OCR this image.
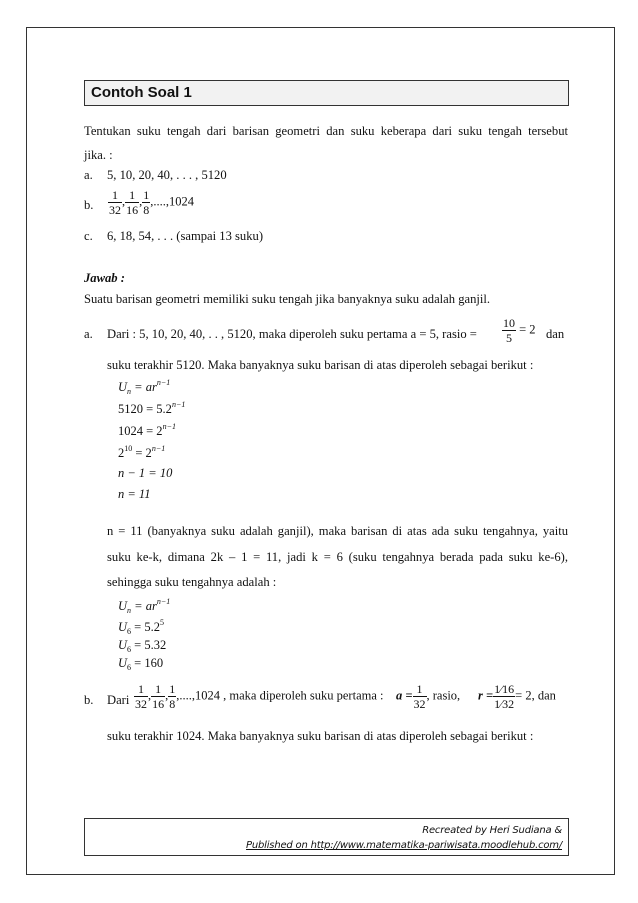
Contoh Soal 1
Tentukan suku tengah dari barisan geometri dan suku keberapa dari suku tengah tersebut
jika. :
a. 5, 10, 20, 40, . . . , 5120
b. $\frac{1}{32}$ , $\frac{1}{16}$ , $\frac{1}{8} ,....,1024$
c. 6, 18, 54, . . . (sampai 13 suku)
Jawab :
Suatu barisan geometri memiliki suku tengah jika banyaknya suku adalah ganjil.
a. Dari : 5, 10, 20, 40, . . , 5120, maka diperoleh suku pertama a = 5, rasio = $\frac{10}{5} = 2$ dan
suku terakhir 5120. Maka banyaknya suku barisan di atas diperoleh sebagai berikut :
$U_n = ar^{n-1}$
$5120 = 5.2^{n-1}$
$1024 = 2^{n-1}$
$2^{10} = 2^{n-1}$
n − 1 = 10
n = 11
n = 11 (banyaknya suku adalah ganjil), maka barisan di atas ada suku tengahnya, yaitu
suku ke-k, dimana 2k – 1 = 11, jadi k = 6 (suku tengahnya berada pada suku ke-6),
sehingga suku tengahnya adalah :
$U_n = ar^{n-1}$
$U_6 = 5.2^5$
$U_6 = 5.32$
$U_6 = 160$
b. Dari $\frac{1}{32}$ , $\frac{1}{16}$ , $\frac{1}{8} ,....,1024$ , maka diperoleh suku pertama : $a = \frac{1}{32}$ , rasio, $r = \frac{1⁄16}{1⁄32} = 2$, dan
suku terakhir 1024. Maka banyaknya suku barisan di atas diperoleh sebagai berikut :
Recreated by Heri Sudiana &
Published on http://www.matematika-pariwisata.moodlehub.com/
